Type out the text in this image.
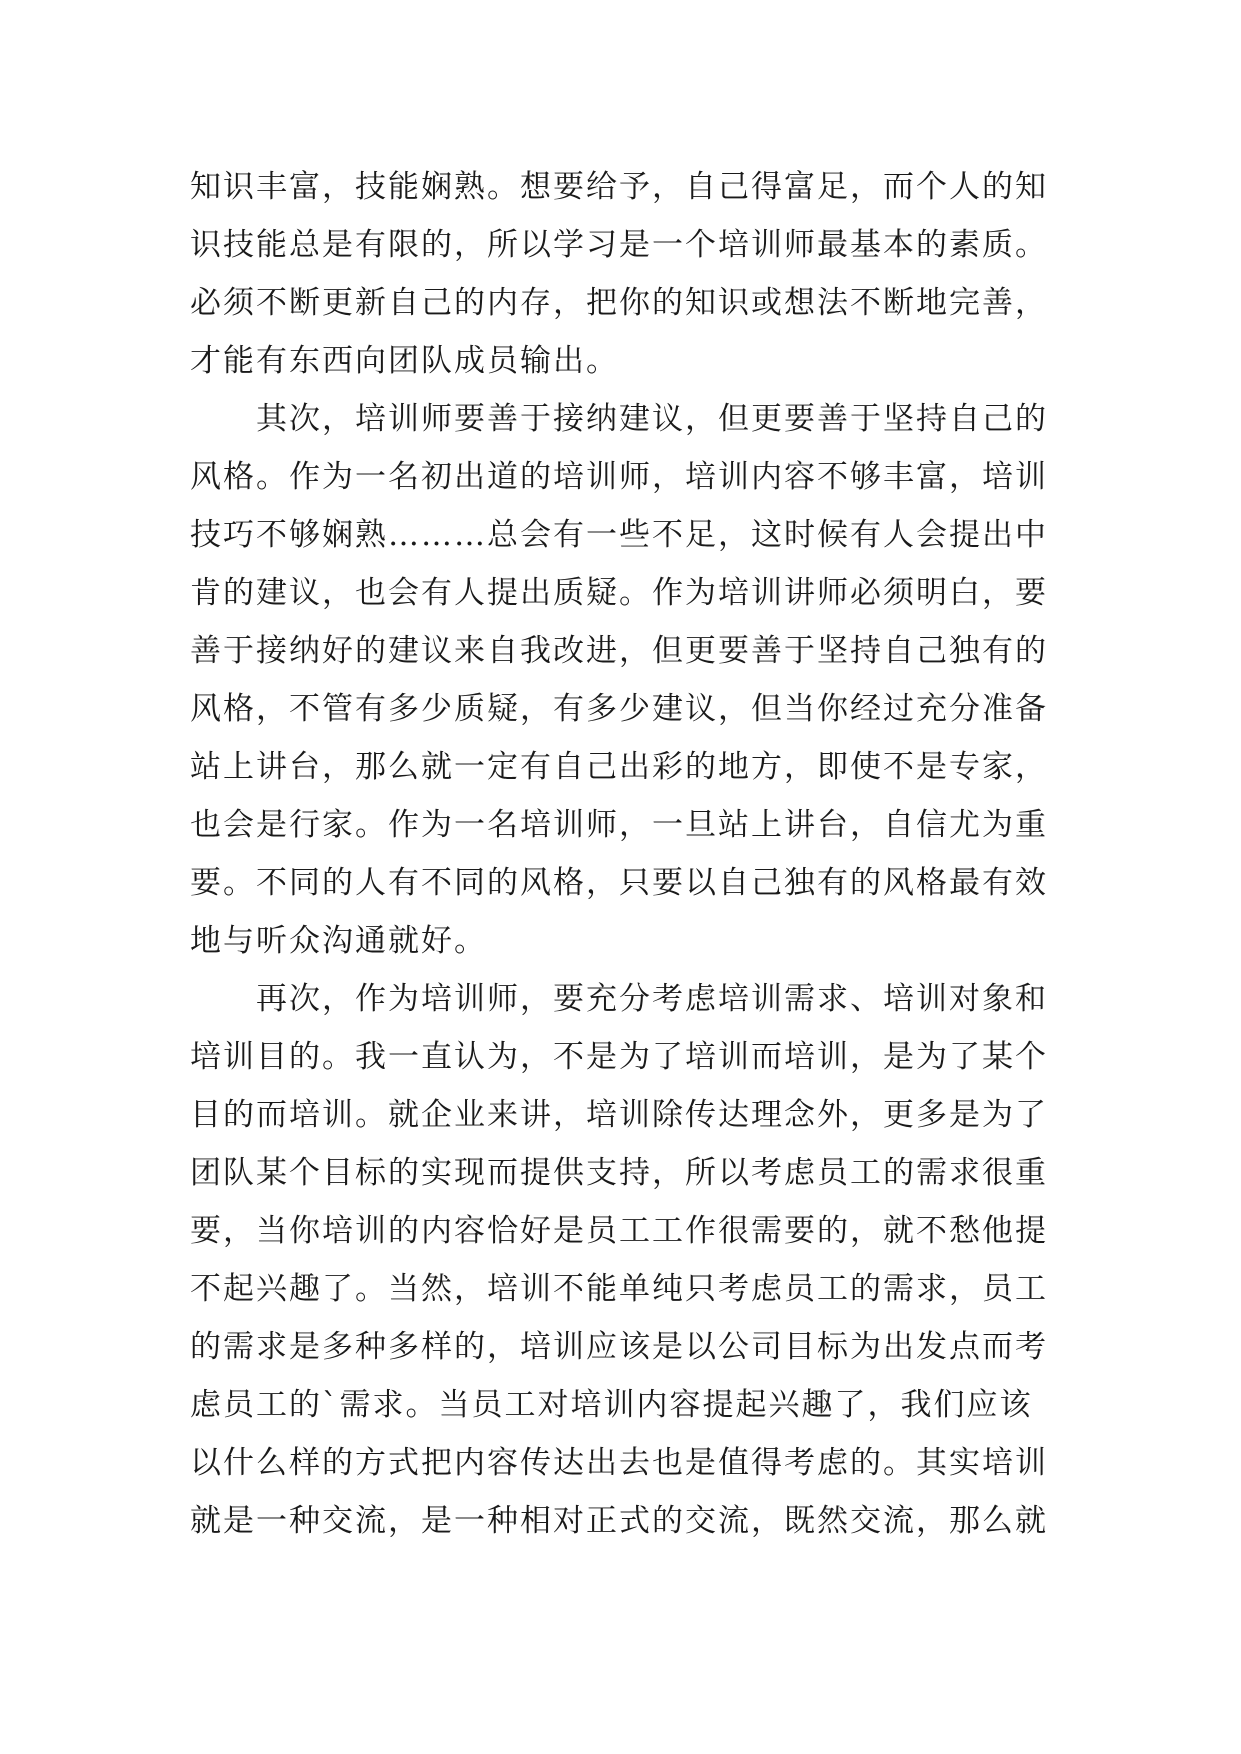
知识丰富，技能娴熟。想要给予，自己得富足，而个人的知
识技能总是有限的，所以学习是一个培训师最基本的素质。
必须不断更新自己的内存，把你的知识或想法不断地完善，
才能有东西向团队成员输出。
其次，培训师要善于接纳建议，但更要善于坚持自己的
风格。作为一名初出道的培训师，培训内容不够丰富，培训
技巧不够娴熟………总会有一些不足，这时候有人会提出中
肯的建议，也会有人提出质疑。作为培训讲师必须明白，要
善于接纳好的建议来自我改进，但更要善于坚持自己独有的
风格，不管有多少质疑，有多少建议，但当你经过充分准备
站上讲台，那么就一定有自己出彩的地方，即使不是专家，
也会是行家。作为一名培训师，一旦站上讲台，自信尤为重
要。不同的人有不同的风格，只要以自己独有的风格最有效
地与听众沟通就好。
再次，作为培训师，要充分考虑培训需求、培训对象和
培训目的。我一直认为，不是为了培训而培训，是为了某个
目的而培训。就企业来讲，培训除传达理念外，更多是为了
团队某个目标的实现而提供支持，所以考虑员工的需求很重
要，当你培训的内容恰好是员工工作很需要的，就不愁他提
不起兴趣了。当然，培训不能单纯只考虑员工的需求，员工
的需求是多种多样的，培训应该是以公司目标为出发点而考
虑员工的`需求。当员工对培训内容提起兴趣了，我们应该
以什么样的方式把内容传达出去也是值得考虑的。其实培训
就是一种交流，是一种相对正式的交流，既然交流，那么就
